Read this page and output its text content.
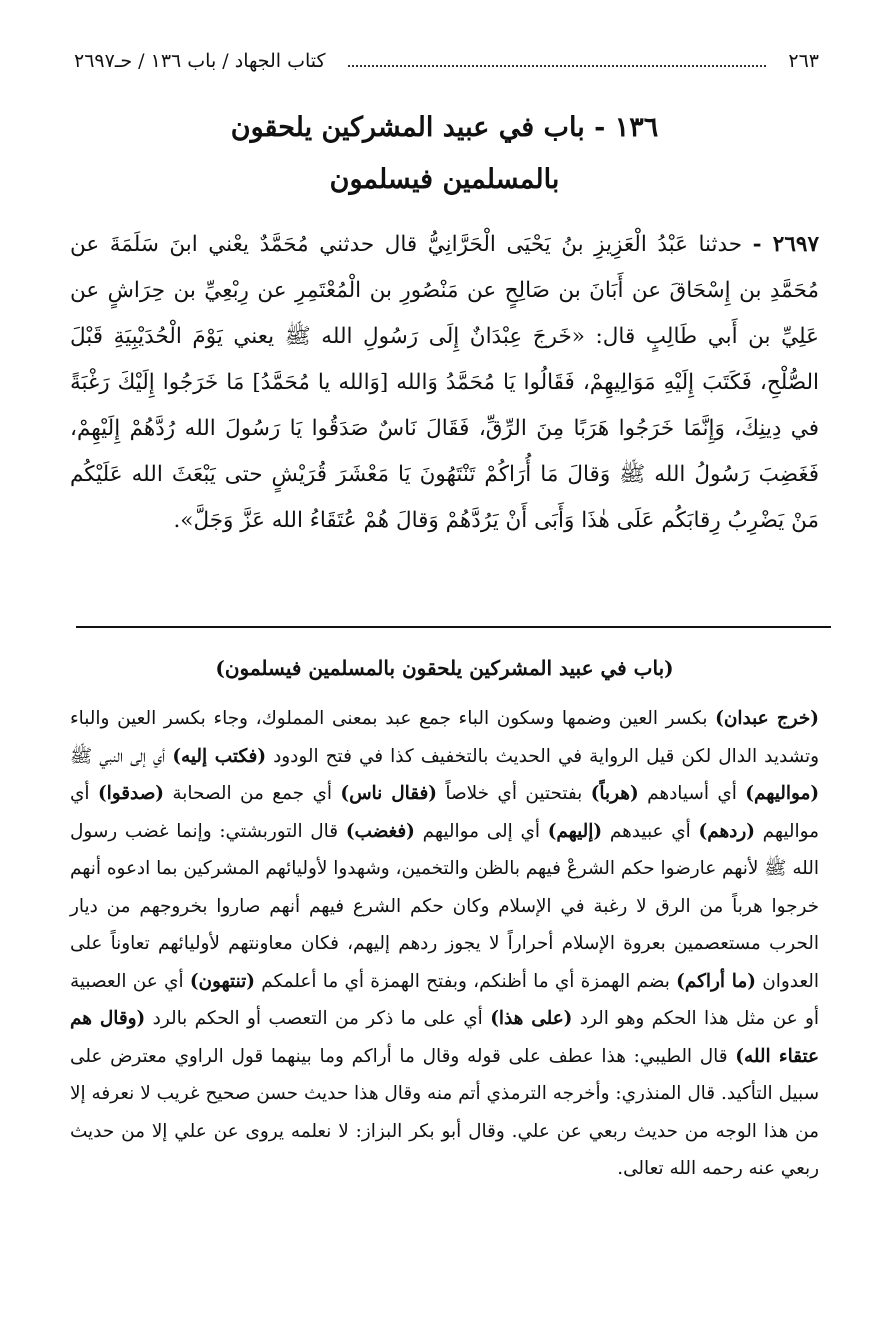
كتاب الجهاد / باب ١٣٦ / حـ٢٦٩٧	٢٦٣
١٣٦ - باب في عبيد المشركين يلحقون
بالمسلمين فيسلمون
٢٦٩٧ - حدثنا عَبْدُ الْعَزِيزِ بنُ يَحْيَى الْحَرَّانِيُّ قال حدثني مُحَمَّدٌ يعْني ابنَ سَلَمَةَ عن مُحَمَّدِ بن إِسْحَاقَ عن أَبَانَ بن صَالِحٍ عن مَنْصُورِ بن الْمُعْتَمِرِ عن رِبْعِيِّ بن حِرَاشٍ عن عَلِيِّ بن أَبي طَالِبٍ قال: «خَرجَ عِبْدَانٌ إِلَى رَسُولِ الله ﷺ يعني يَوْمَ الْحُدَيْبِيَةِ قَبْلَ الصُّلْحِ، فَكَتَبَ إِلَيْهِ مَوَالِيهِمْ، فَقَالُوا يَا مُحَمَّدُ وَالله [وَالله يا مُحَمَّدُ] مَا خَرَجُوا إِلَيْكَ رَغْبَةً في دِينِكَ، وَإِنَّمَا خَرَجُوا هَرَبًا مِنَ الرِّقِّ، فَقَالَ نَاسٌ صَدَقُوا يَا رَسُولَ الله رُدَّهُمْ إِلَيْهِمْ، فَغَضِبَ رَسُولُ الله ﷺ وَقالَ مَا أُرَاكُمْ تَنْتَهُونَ يَا مَعْشَرَ قُرَيْشٍ حتى يَبْعَثَ الله عَلَيْكُم مَنْ يَضْرِبُ رِقابَكُم عَلَى هٰذَا وَأَبَى أَنْ يَرُدَّهُمْ وَقالَ هُمْ عُتَقَاءُ الله عَزَّ وَجَلَّ».
(باب في عبيد المشركين يلحقون بالمسلمين فيسلمون)
(خرج عبدان) بكسر العين وضمها وسكون الباء جمع عبد بمعنى المملوك، وجاء بكسر العين والباء وتشديد الدال لكن قيل الرواية في الحديث بالتخفيف كذا في فتح الودود (فكتب إليه) أي إلى النبي ﷺ (مواليهم) أي أسيادهم (هرباً) بفتحتين أي خلاصاً (فقال ناس) أي جمع من الصحابة (صدقوا) أي مواليهم (ردهم) أي عبيدهم (إليهم) أي إلى مواليهم (فغضب) قال التوربشتي: وإنما غضب رسول الله ﷺ لأنهم عارضوا حكم الشرعْ فيهم بالظن والتخمين، وشهدوا لأوليائهم المشركين بما ادعوه أنهم خرجوا هرباً من الرق لا رغبة في الإسلام وكان حكم الشرع فيهم أنهم صاروا بخروجهم من ديار الحرب مستعصمين بعروة الإسلام أحراراً لا يجوز ردهم إليهم، فكان معاونتهم لأوليائهم تعاوناً على العدوان (ما أراكم) بضم الهمزة أي ما أظنكم، وبفتح الهمزة أي ما أعلمكم (تنتهون) أي عن العصبية أو عن مثل هذا الحكم وهو الرد (على هذا) أي على ما ذكر من التعصب أو الحكم بالرد (وقال هم عتقاء الله) قال الطيبي: هذا عطف على قوله وقال ما أراكم وما بينهما قول الراوي معترض على سبيل التأكيد. قال المنذري: وأخرجه الترمذي أتم منه وقال هذا حديث حسن صحيح غريب لا نعرفه إلا من هذا الوجه من حديث ربعي عن علي. وقال أبو بكر البزاز: لا نعلمه يروى عن علي إلا من حديث ربعي عنه رحمه الله تعالى.
